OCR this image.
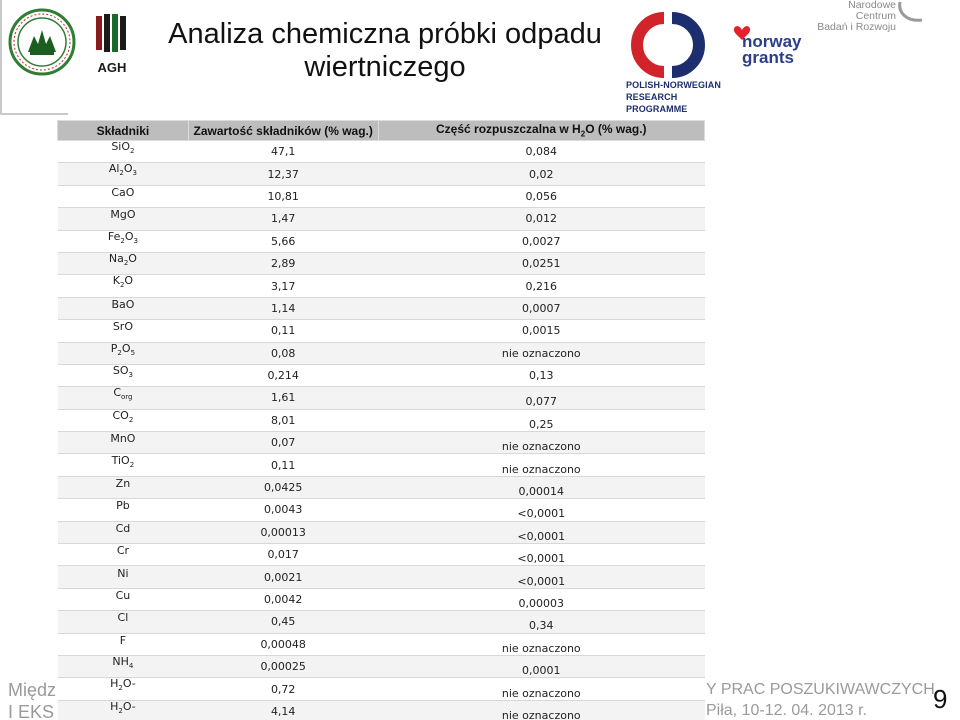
AGH
Analiza chemiczna próbki odpadu
wiertniczego
POLISH-NORWEGIAN
RESEARCH
PROGRAMME
norway
grants
Narodowe Centrum
Badań i Rozwoju
Międz
I EKS
Y PRAC POSZUKIWAWCZYCH
Piła, 10-12. 04. 2013 r.	9
Składniki	Zawartość składników (% wag.)	Część rozpuszczalna w $H_2O$ (% wag.)
SiO$_2$	47,1	0,084
$Al_2O_3$	12,37	0,02
CaO	10,81	0,056
MgO	1,47	0,012
$Fe_2O_3$	5,66	0,0027
$Na_2O$	2,89	0,0251
$K_2O$	3,17	0,216
BaO	1,14	0,0007
SrO	0,11	0,0015
$P_2O_5$	0,08	nie oznaczono
$SO_3$	0,214	0,13
$C_{org}$	1,61	0,077
$CO_2$	8,01	0,25
MnO	0,07	nie oznaczono
TiO$_2$	0,11	nie oznaczono
Zn	0,0425	0,00014
Pb	0,0043	<0,0001
Cd	0,00013	<0,0001
Cr	0,017	<0,0001
Ni	0,0021	<0,0001
Cu	0,0042	0,00003
Cl	0,45	0,34
F	0,00048	nie oznaczono
$NH_4$	0,00025	0,0001
$H_2O-$	0,72	nie oznaczono
$H_2O-$	4,14	nie oznaczono
